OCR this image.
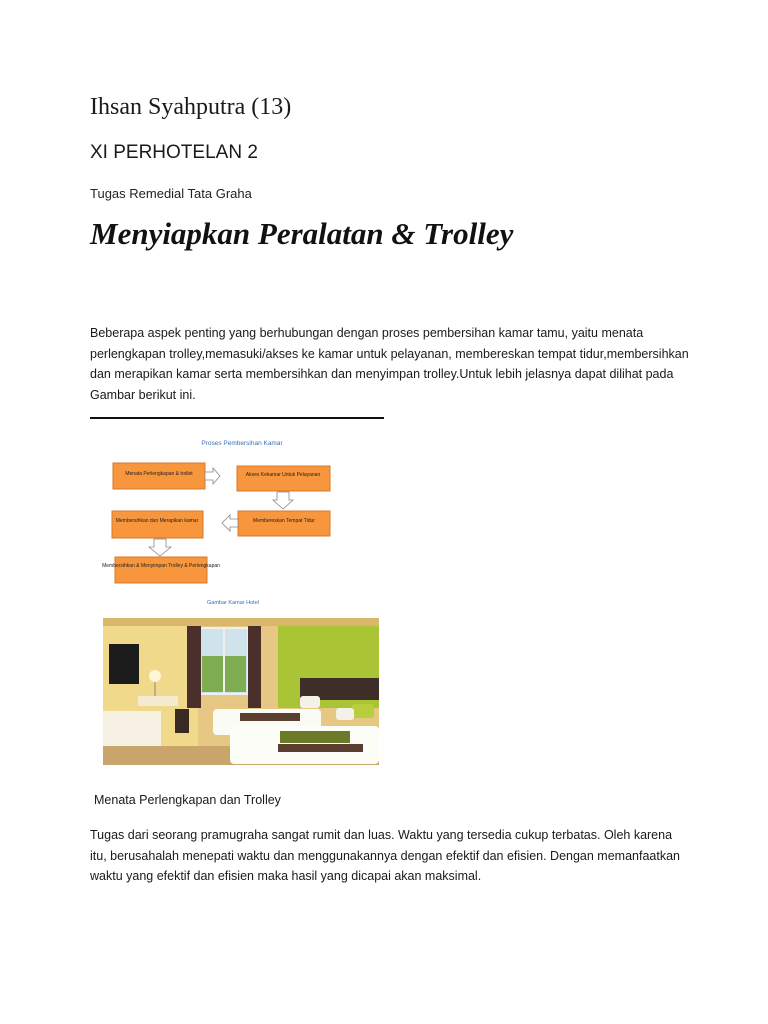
Ihsan Syahputra (13)
XI PERHOTELAN 2
Tugas Remedial Tata Graha
Menyiapkan Peralatan & Trolley
Beberapa aspek penting yang berhubungan dengan proses pembersihan kamar tamu, yaitu menata perlengkapan trolley,memasuki/akses ke kamar untuk pelayanan, membereskan tempat tidur,membersihkan dan merapikan kamar serta membersihkan dan menyimpan trolley.Untuk lebih jelasnya dapat dilihat pada Gambar berikut ini.
Proses Pembersihan Kamar
Menata Perlengkapan & trollet	Akses Kekamar Untuk Pelayanan
Membereskan Tempat Tidur
Membersihkan dan Merapikan kamar
Membersihkan & Menyimpan Trolley & Perlengkapan
Gambar Kamar Hotel
Menata Perlengkapan dan Trolley
Tugas dari seorang pramugraha sangat rumit dan luas. Waktu yang tersedia cukup terbatas. Oleh karena itu, berusahalah menepati waktu dan menggunakannya dengan efektif dan efisien. Dengan memanfaatkan waktu yang efektif dan efisien maka hasil yang dicapai akan maksimal.
